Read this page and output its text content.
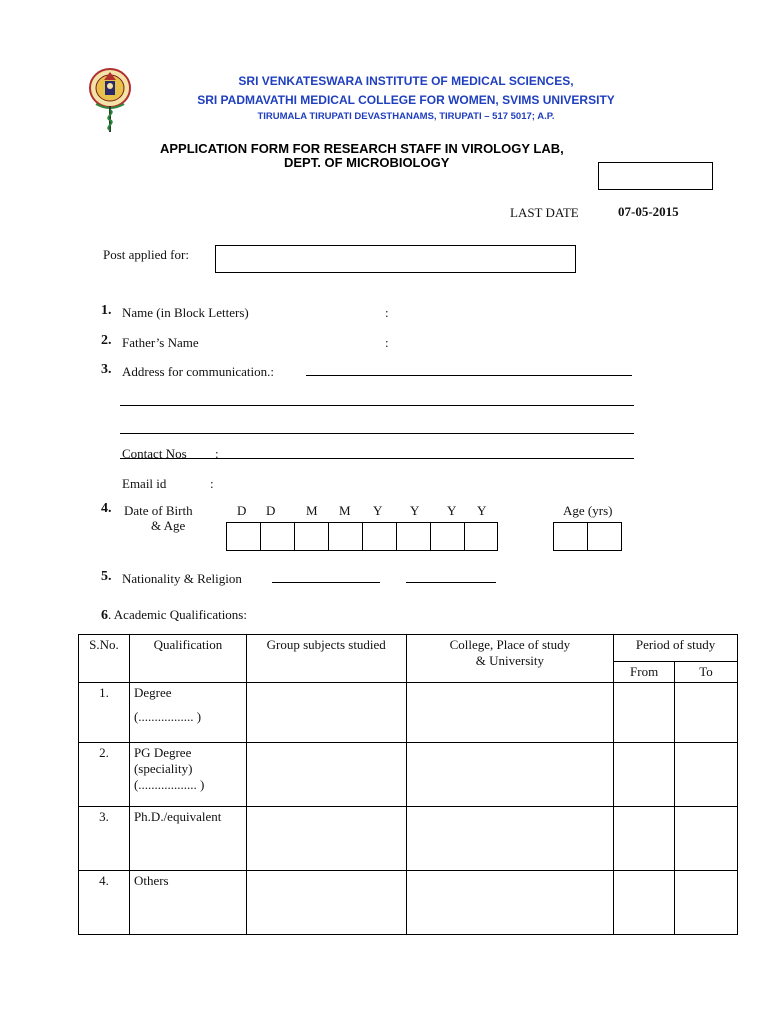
SRI VENKATESWARA INSTITUTE OF MEDICAL SCIENCES,
SRI PADMAVATHI MEDICAL COLLEGE FOR WOMEN, SVIMS UNIVERSITY
TIRUMALA TIRUPATI DEVASTHANAMS, TIRUPATI – 517 5017; A.P.
APPLICATION FORM FOR RESEARCH STAFF IN VIROLOGY LAB,
DEPT. OF MICROBIOLOGY
LAST DATE	07-05-2015
Post applied for:
1. Name (in Block Letters)	:
2. Father’s Name	:
3. Address for communication.:
Contact Nos :
Email id	:
4. Date of Birth
& Age
D D M M Y Y Y Y	Age (yrs)
5. Nationality & Religion
6. Academic Qualifications:
S.No.	Qualification	Group subjects studied	College, Place of study
& University	Period of study	
				From	To
1.	Degree
(................. )				

2.	PG Degree
(speciality)
(.................. )				

3.	Ph.D./equivalent				
4.	Others				
